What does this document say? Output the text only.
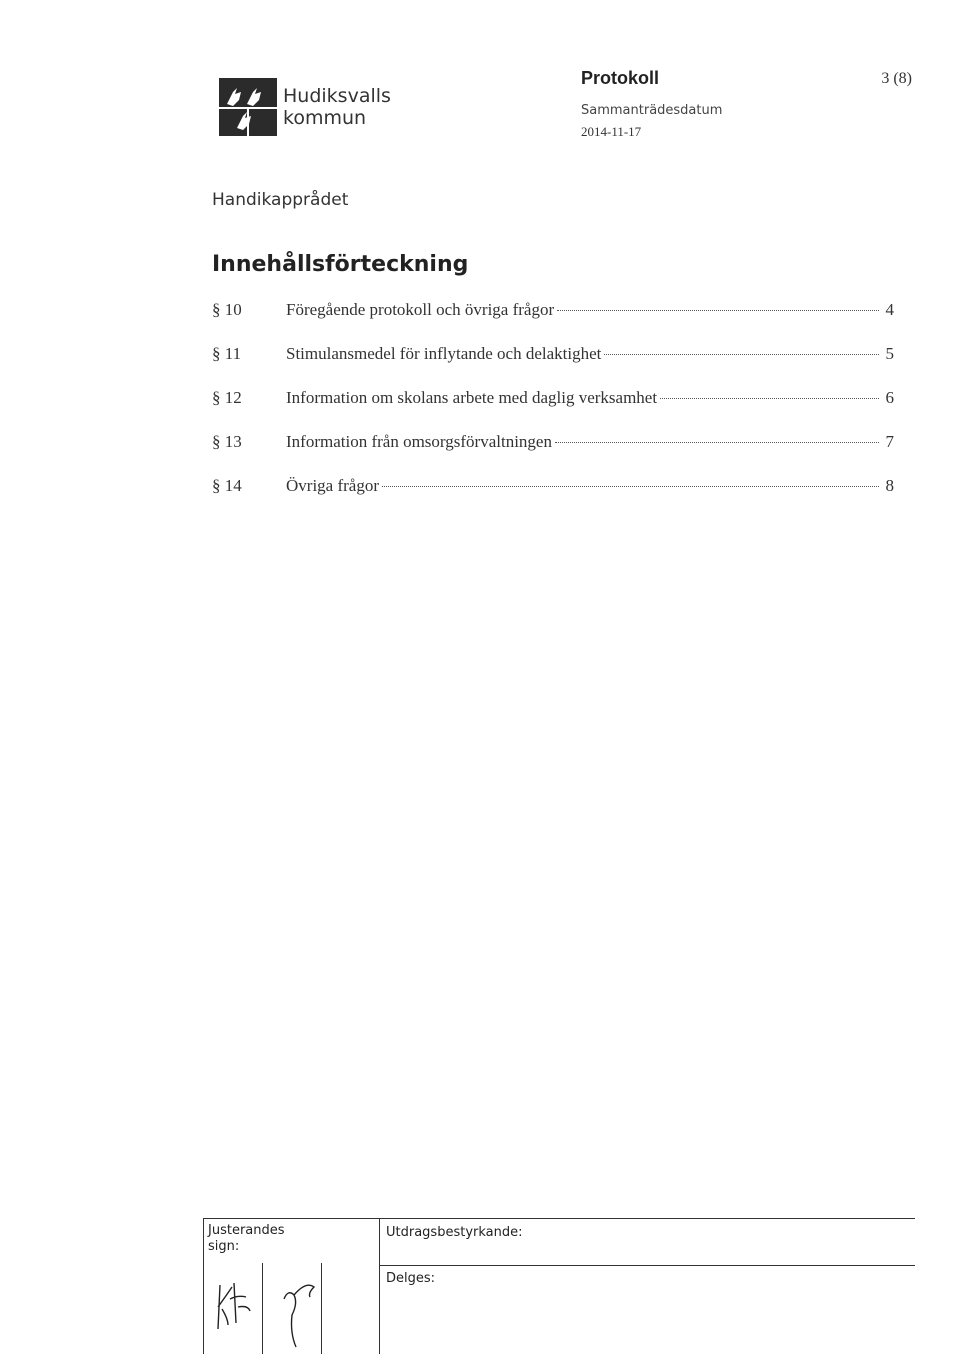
Hudiksvalls
kommun
Protokoll
Sammanträdesdatum
2014-11-17
3 (8)
Handikapprådet
Innehållsförteckning
§ 10	Föregående protokoll och övriga frågor	4
§ 11	Stimulansmedel för inflytande och delaktighet	5
§ 12	Information om skolans arbete med daglig verksamhet	6
§ 13	Information från omsorgsförvaltningen	7
§ 14	Övriga frågor	8
Justerandes sign:
Utdragsbestyrkande:
Delges:
